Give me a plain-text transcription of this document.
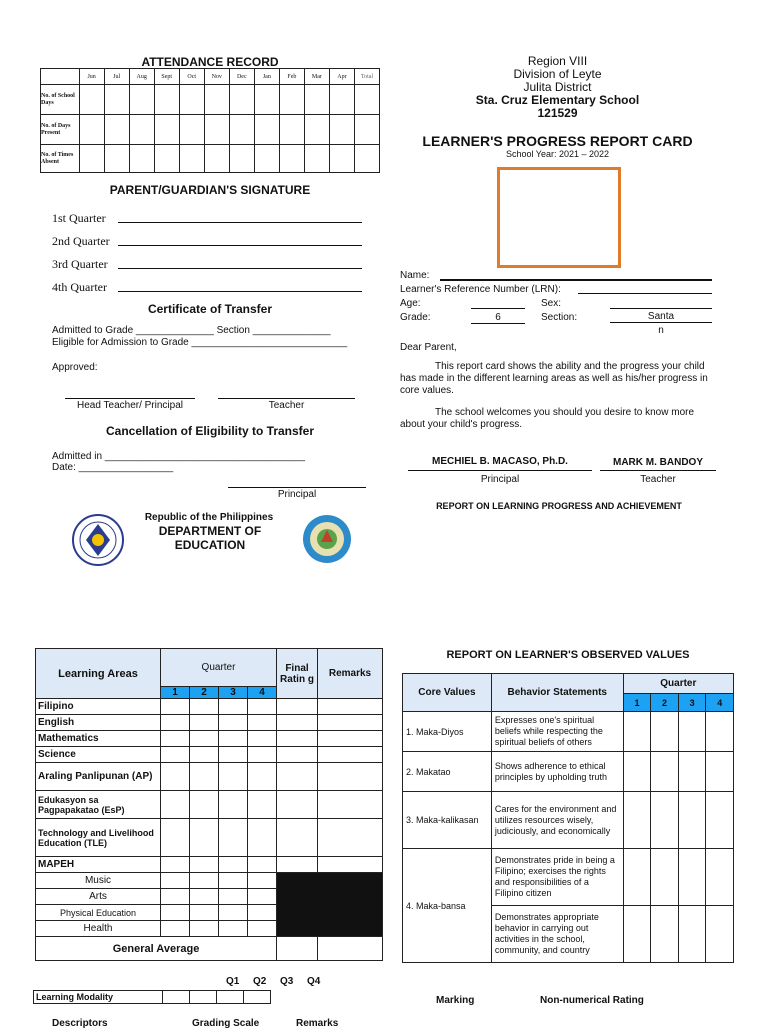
ATTENDANCE RECORD
	Jun	Jul	Aug	Sept	Oct	Nov	Dec	Jan	Feb	Mar	Apr	Total
No. of School Days												
No. of Days Present												
No. of Times Absent												
PARENT/GUARDIAN'S SIGNATURE
1st Quarter
2nd Quarter
3rd Quarter
4th Quarter
Certificate of Transfer
Admitted to Grade ______________ Section ______________
Eligible for Admission to Grade ____________________________
Approved:
Head Teacher/ Principal	Teacher
Cancellation of Eligibility to Transfer
Admitted in ____________________________________
Date: _________________
Principal
Republic of the Philippines
DEPARTMENT OF EDUCATION
Region VIII
Division of Leyte
Julita District
Sta. Cruz Elementary School
121529
LEARNER'S PROGRESS REPORT CARD
School Year: 2021 – 2022
Name:
Learner's Reference Number (LRN):
Age:	Sex:
Grade:	6	Section:	Santa
n
Dear Parent,
This report card shows the ability and the progress your child has made in the different learning areas as well as his/her progress in core values.
The school welcomes you should you desire to know more about your child's progress.
MECHIEL B. MACASO, Ph.D.
Principal
MARK M. BANDOY
Teacher
REPORT ON LEARNING PROGRESS AND ACHIEVEMENT
Learning Areas	Quarter				Final Ratin g	Remarks
	1	2	3	4		
Filipino						
English						
Mathematics						
Science						
Araling Panlipunan (AP)						
Edukasyon sa Pagpapakatao (EsP)						
Technology and Livelihood Education (TLE)						
MAPEH						
Music						
Arts						
Physical Education						
Health						
General Average						
Q1 Q2 Q3 Q4
Learning Modality				
Descriptors	Grading Scale	Remarks
REPORT ON LEARNER'S OBSERVED VALUES
Core Values	Behavior Statements	Quarter			
		1	2	3	4
1. Maka-Diyos	Expresses one's spiritual beliefs while respecting the spiritual beliefs of others				
2. Makatao	Shows adherence to ethical principles by upholding truth				
3. Maka-kalikasan	Cares for the environment and utilizes resources wisely, judiciously, and economically				
4. Maka-bansa	Demonstrates pride in being a Filipino; exercises the rights and responsibilities of a Filipino citizen				
	Demonstrates appropriate behavior in carrying out activities in the school, community, and country				
Marking	Non-numerical Rating
